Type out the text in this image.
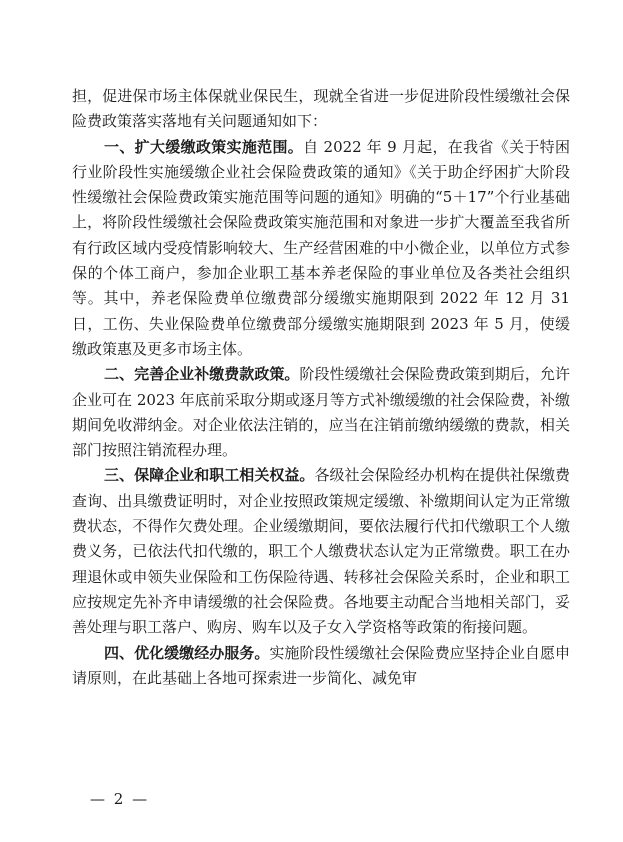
担，促进保市场主体保就业保民生，现就全省进一步促进阶段性缓缴社会保险费政策落实落地有关问题通知如下：

一、扩大缓缴政策实施范围。自 2022 年 9 月起，在我省《关于特困行业阶段性实施缓缴企业社会保险费政策的通知》《关于助企纾困扩大阶段性缓缴社会保险费政策实施范围等问题的通知》明确的“5＋17”个行业基础上，将阶段性缓缴社会保险费政策实施范围和对象进一步扩大覆盖至我省所有行政区域内受疫情影响较大、生产经营困难的中小微企业，以单位方式参保的个体工商户，参加企业职工基本养老保险的事业单位及各类社会组织等。其中，养老保险费单位缴费部分缓缴实施期限到 2022 年 12 月 31 日，工伤、失业保险费单位缴费部分缓缴实施期限到 2023 年 5 月，使缓缴政策惠及更多市场主体。

二、完善企业补缴费款政策。阶段性缓缴社会保险费政策到期后，允许企业可在 2023 年底前采取分期或逐月等方式补缴缓缴的社会保险费，补缴期间免收滞纳金。对企业依法注销的，应当在注销前缴纳缓缴的费款，相关部门按照注销流程办理。

三、保障企业和职工相关权益。各级社会保险经办机构在提供社保缴费查询、出具缴费证明时，对企业按照政策规定缓缴、补缴期间认定为正常缴费状态，不得作欠费处理。企业缓缴期间，要依法履行代扣代缴职工个人缴费义务，已依法代扣代缴的，职工个人缴费状态认定为正常缴费。职工在办理退休或申领失业保险和工伤保险待遇、转移社会保险关系时，企业和职工应按规定先补齐申请缓缴的社会保险费。各地要主动配合当地相关部门，妥善处理与职工落户、购房、购车以及子女入学资格等政策的衔接问题。

四、优化缓缴经办服务。实施阶段性缓缴社会保险费应坚持企业自愿申请原则，在此基础上各地可探索进一步简化、减免审

— 2 —
